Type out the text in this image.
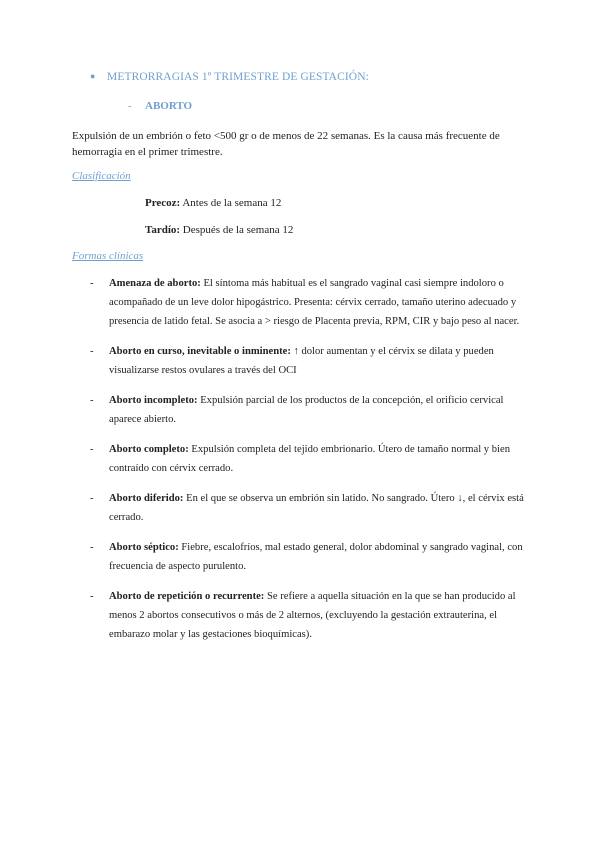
● METRORRAGIAS 1º TRIMESTRE DE GESTACIÓN:
- ABORTO
Expulsión de un embrión o feto <500 gr o de menos de 22 semanas. Es la causa más frecuente de hemorragia en el primer trimestre.
Clasificación
Precoz: Antes de la semana 12
Tardío: Después de la semana 12
Formas clínicas
- Amenaza de aborto: El síntoma más habitual es el sangrado vaginal casi siempre indoloro o acompañado de un leve dolor hipogástrico. Presenta: cérvix cerrado, tamaño uterino adecuado y presencia de latido fetal. Se asocia a > riesgo de Placenta previa, RPM, CIR y bajo peso al nacer.
- Aborto en curso, inevitable o inminente: ↑ dolor aumentan y el cérvix se dilata y pueden visualizarse restos ovulares a través del OCI
- Aborto incompleto: Expulsión parcial de los productos de la concepción, el orificio cervical aparece abierto.
- Aborto completo: Expulsión completa del tejido embrionario. Útero de tamaño normal y bien contraído con cérvix cerrado.
- Aborto diferido: En el que se observa un embrión sin latido. No sangrado. Útero ↓, el cérvix está cerrado.
- Aborto séptico: Fiebre, escalofríos, mal estado general, dolor abdominal y sangrado vaginal, con frecuencia de aspecto purulento.
- Aborto de repetición o recurrente: Se refiere a aquella situación en la que se han producido al menos 2 abortos consecutivos o más de 2 alternos, (excluyendo la gestación extrauterina, el embarazo molar y las gestaciones bioquímicas).
